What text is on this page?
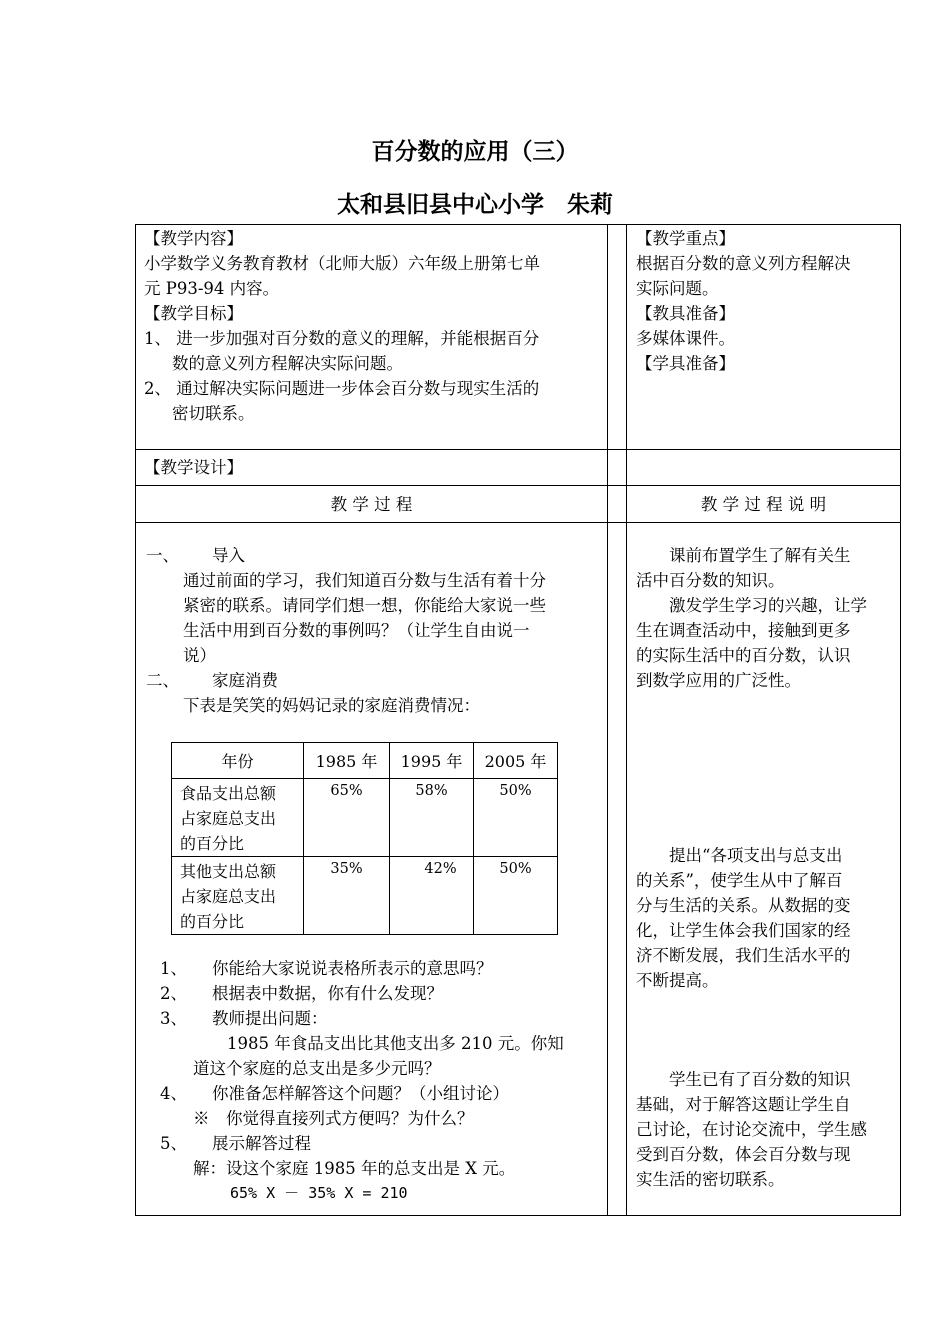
百分数的应用（三）
太和县旧县中心小学　朱莉
【教学内容】
小学数学义务教育教材（北师大版）六年级上册第七单
元 P93-94 内容。
【教学目标】
1、 进一步加强对百分数的意义的理解，并能根据百分
数的意义列方程解决实际问题。
2、 通过解决实际问题进一步体会百分数与现实生活的
密切联系。
【教学重点】
根据百分数的意义列方程解决
实际问题。
【教具准备】
多媒体课件。
【学具准备】
【教学设计】
教 学 过 程	教 学 过 程 说 明
一、 导入
通过前面的学习，我们知道百分数与生活有着十分
紧密的联系。请同学们想一想，你能给大家说一些
生活中用到百分数的事例吗？（让学生自由说一
说）
二、 家庭消费
下表是笑笑的妈妈记录的家庭消费情况：
年份	1985 年	1995 年	2005 年
食品支出总额
占家庭总支出
的百分比	65%	58%	50%
其他支出总额
占家庭总支出
的百分比	35%	42%	50%
1、 你能给大家说说表格所表示的意思吗？
2、 根据表中数据，你有什么发现？
3、 教师提出问题：
1985 年食品支出比其他支出多 210 元。你知
道这个家庭的总支出是多少元吗？
4、 你准备怎样解答这个问题？（小组讨论）
※　你觉得直接列式方便吗？为什么？
5、 展示解答过程
解：设这个家庭 1985 年的总支出是 X 元。
65% X － 35% X = 210
　　课前布置学生了解有关生
活中百分数的知识。
　　激发学生学习的兴趣，让学
生在调查活动中，接触到更多
的实际生活中的百分数，认识
到数学应用的广泛性。
　　提出“各项支出与总支出
的关系”，使学生从中了解百
分与生活的关系。从数据的变
化，让学生体会我们国家的经
济不断发展，我们生活水平的
不断提高。
　　学生已有了百分数的知识
基础，对于解答这题让学生自
己讨论，在讨论交流中，学生感
受到百分数，体会百分数与现
实生活的密切联系。
